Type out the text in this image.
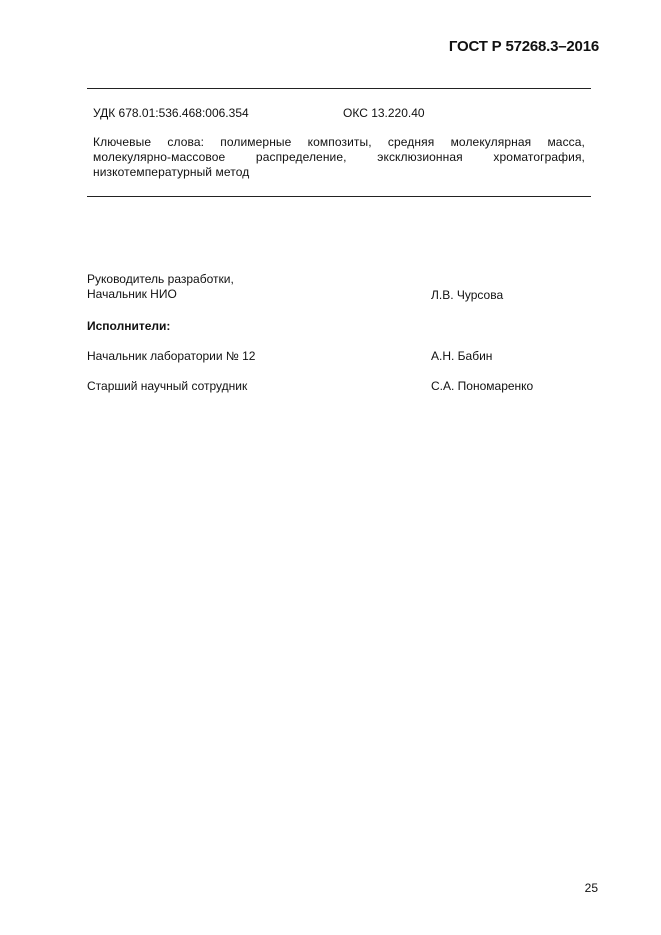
ГОСТ Р 57268.3–2016
УДК 678.01:536.468:006.354	ОКС 13.220.40
Ключевые слова: полимерные композиты, средняя молекулярная масса, молекулярно-массовое распределение, эксклюзионная хроматография, низкотемпературный метод
Руководитель разработки,
Начальник НИО	Л.В. Чурсова
Исполнители:
Начальник лаборатории № 12	А.Н. Бабин
Старший научный сотрудник	С.А. Пономаренко
25
